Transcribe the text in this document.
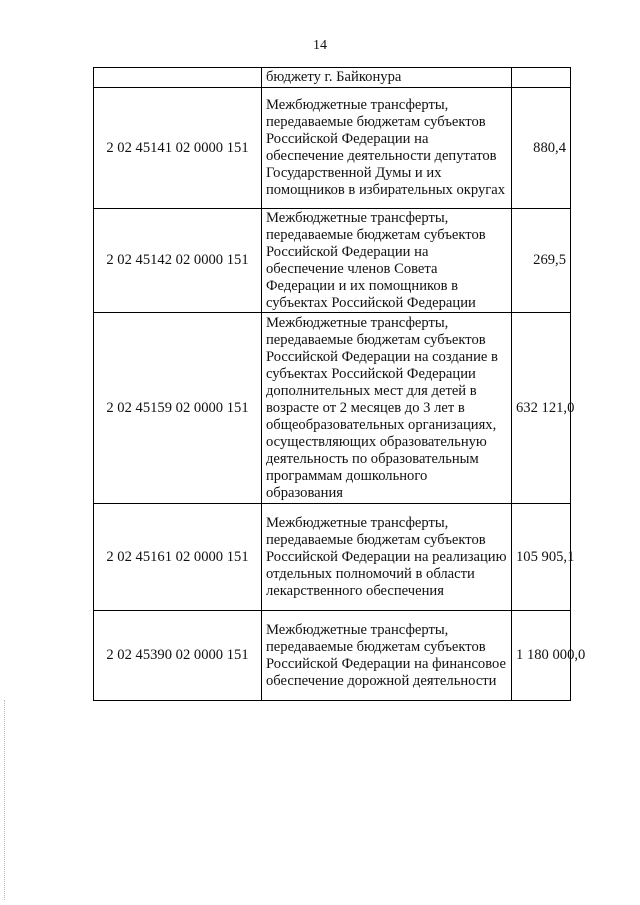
14
	бюджету г. Байконура	
2 02 45141 02 0000 151	Межбюджетные трансферты, передаваемые бюджетам субъектов Российской Федерации на обеспечение деятельности депутатов Государственной Думы и их помощников в избирательных округах	880,4
2 02 45142 02 0000 151	Межбюджетные трансферты, передаваемые бюджетам субъектов Российской Федерации на обеспечение членов Совета Федерации и их помощников в субъектах Российской Федерации	269,5
2 02 45159 02 0000 151	Межбюджетные трансферты, передаваемые бюджетам субъектов Российской Федерации на создание в субъектах Российской Федерации дополнительных мест для детей в возрасте от 2 месяцев до 3 лет в общеобразовательных организациях, осуществляющих образовательную деятельность по образовательным программам дошкольного образования	632 121,0
2 02 45161 02 0000 151	Межбюджетные трансферты, передаваемые бюджетам субъектов Российской Федерации на реализацию отдельных полномочий в области лекарственного обеспечения	105 905,1
2 02 45390 02 0000 151	Межбюджетные трансферты, передаваемые бюджетам субъектов Российской Федерации на финансовое обеспечение дорожной деятельности	1 180 000,0
